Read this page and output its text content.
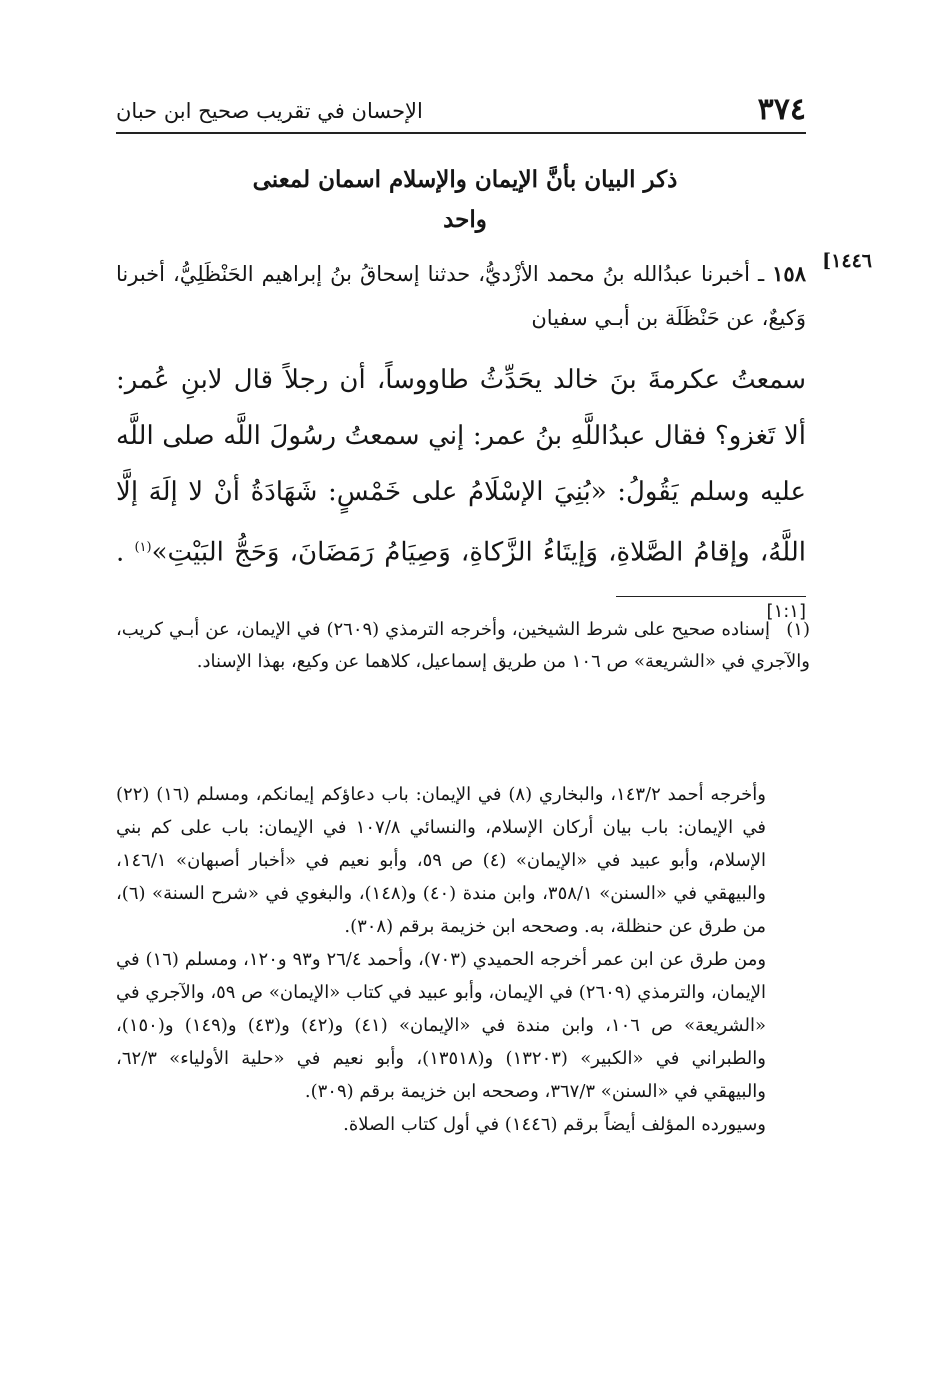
٣٧٤
الإحسان في تقريب صحيح ابن حبان
ذكر البيان بأنَّ الإيمان والإسلام اسمان لمعنى واحد
[١٤٤٦
١٥٨ ـ أخبرنا عبدُالله بنُ محمد الأزْديُّ، حدثنا إسحاقُ بنُ إبراهيم الحَنْظَلِيُّ، أخبرنا وَكيعٌ، عن حَنْظَلَة بن أبـي سفيان
سمعتُ عكرمةَ بنَ خالد يحَدِّثُ طاووساً، أن رجلاً قال لابنِ عُمر: ألا تَغزو؟ فقال عبدُاللَّهِ بنُ عمر: إني سمعتُ رسُولَ اللَّه صلى اللَّه عليه وسلم يَقُولُ: «بُنِيَ الإسْلَامُ على خَمْسٍ: شَهَادَةُ أنْ لا إلَهَ إلَّا اللَّهُ، وإقامُ الصَّلاةِ، وَإيتَاءُ الزَّكاةِ، وَصِيَامُ رَمَضَانَ، وَحَجُّ البَيْتِ»$^{(١)}$ . [١:١]
(١)إسناده صحيح على شرط الشيخين، وأخرجه الترمذي (٢٦٠٩) في الإيمان، عن أبـي كريب، والآجري في «الشريعة» ص ١٠٦ من طريق إسماعيل، كلاهما عن وكيع، بهذا الإسناد.

وأخرجه أحمد ١٤٣/٢، والبخاري (٨) في الإيمان: باب دعاؤكم إيمانكم، ومسلم (١٦) (٢٢) في الإيمان: باب بيان أركان الإسلام، والنسائي ١٠٧/٨ في الإيمان: باب على كم بني الإسلام، وأبو عبيد في «الإيمان» (٤) ص ٥٩، وأبو نعيم في «أخبار أصبهان» ١٤٦/١، والبيهقي في «السنن» ٣٥٨/١، وابن مندة (٤٠) و(١٤٨)، والبغوي في «شرح السنة» (٦)، من طرق عن حنظلة، به. وصححه ابن خزيمة برقم (٣٠٨).

ومن طرق عن ابن عمر أخرجه الحميدي (٧٠٣)، وأحمد ٢٦/٤ و٩٣ و١٢٠، ومسلم (١٦) في الإيمان، والترمذي (٢٦٠٩) في الإيمان، وأبو عبيد في كتاب «الإيمان» ص ٥٩، والآجري في «الشريعة» ص ١٠٦، وابن مندة في «الإيمان» (٤١) و(٤٢) و(٤٣) و(١٤٩) و(١٥٠)، والطبراني في «الكبير» (١٣٢٠٣) و(١٣٥١٨)، وأبو نعيم في «حلية الأولياء» ٦٢/٣، والبيهقي في «السنن» ٣٦٧/٣، وصححه ابن خزيمة برقم (٣٠٩).

وسيورده المؤلف أيضاً برقم (١٤٤٦) في أول كتاب الصلاة.
